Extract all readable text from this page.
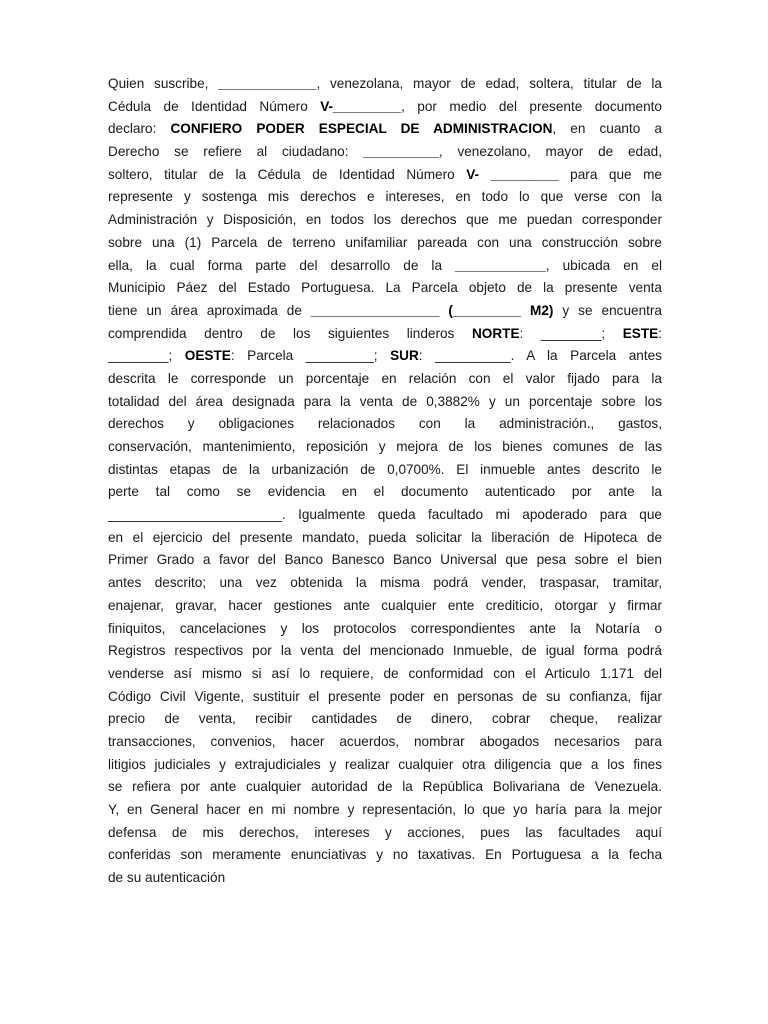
Quien suscribe, _____________, venezolana, mayor de edad, soltera, titular de la
Cédula de Identidad Número V-_________, por medio del presente documento
declaro: CONFIERO PODER ESPECIAL DE ADMINISTRACION, en cuanto a
Derecho se refiere al ciudadano: __________, venezolano, mayor de edad,
soltero, titular de la Cédula de Identidad Número V- _________ para que me
represente y sostenga mis derechos e intereses, en todo lo que verse con la
Administración y Disposición, en todos los derechos que me puedan corresponder
sobre una (1) Parcela de terreno unifamiliar pareada con una construcción sobre
ella, la cual forma parte del desarrollo de la ____________, ubicada en el
Municipio Páez del Estado Portuguesa. La Parcela objeto de la presente venta
tiene un área aproximada de _________________ (_________ M2) y se encuentra
comprendida dentro de los siguientes linderos NORTE: ________; ESTE:
________; OESTE: Parcela _________; SUR: __________. A la Parcela antes
descrita le corresponde un porcentaje en relación con el valor fijado para la
totalidad del área designada para la venta de 0,3882% y un porcentaje sobre los
derechos y obligaciones relacionados con la administración., gastos,
conservación, mantenimiento, reposición y mejora de los bienes comunes de las
distintas etapas de la urbanización de 0,0700%. El inmueble antes descrito le
perte tal como se evidencia en el documento autenticado por ante la
_______________________. Igualmente queda facultado mi apoderado para que
en el ejercicio del presente mandato, pueda solicitar la liberación de Hipoteca de
Primer Grado a favor del Banco Banesco Banco Universal que pesa sobre el bien
antes descrito; una vez obtenida la misma podrá vender, traspasar, tramitar,
enajenar, gravar, hacer gestiones ante cualquier ente crediticio, otorgar y firmar
finiquitos, cancelaciones y los protocolos correspondientes ante la Notaría o
Registros respectivos por la venta del mencionado Inmueble, de igual forma podrá
venderse así mismo si así lo requiere, de conformidad con el Articulo 1.171 del
Código Civil Vigente, sustituir el presente poder en personas de su confianza, fijar
precio de venta, recibir cantidades de dinero, cobrar cheque, realizar
transacciones, convenios, hacer acuerdos, nombrar abogados necesarios para
litigios judiciales y extrajudiciales y realizar cualquier otra diligencia que a los fines
se refiera por ante cualquier autoridad de la República Bolivariana de Venezuela.
Y, en General hacer en mi nombre y representación, lo que yo haría para la mejor
defensa de mis derechos, intereses y acciones, pues las facultades aquí
conferidas son meramente enunciativas y no taxativas. En Portuguesa a la fecha
de su autenticación
